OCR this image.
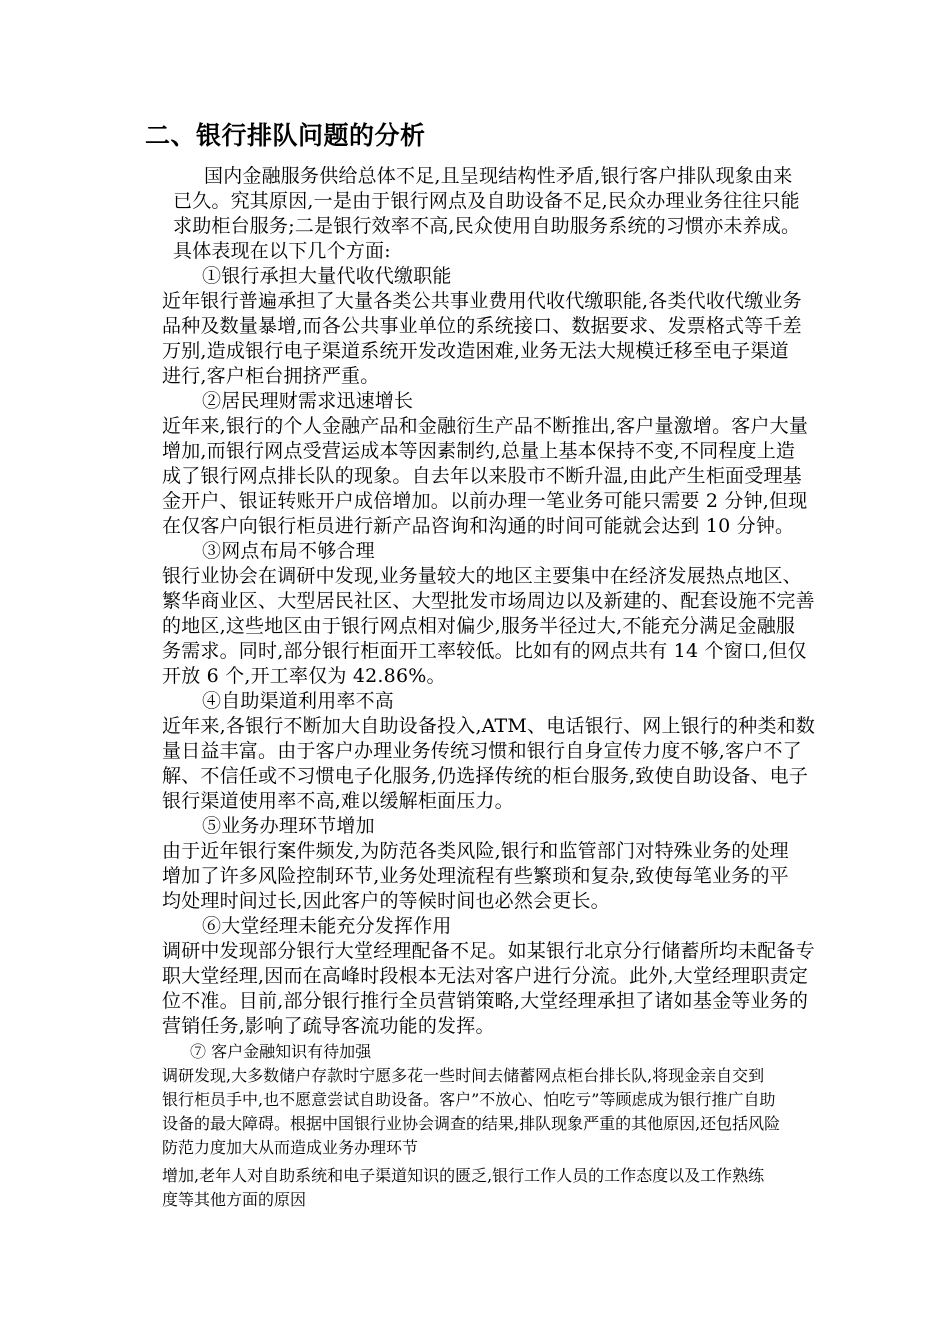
二、银行排队问题的分析
国内金融服务供给总体不足,且呈现结构性矛盾,银行客户排队现象由来
已久。究其原因,一是由于银行网点及自助设备不足,民众办理业务往往只能
求助柜台服务;二是银行效率不高,民众使用自助服务系统的习惯亦未养成。
具体表现在以下几个方面:
①银行承担大量代收代缴职能
近年银行普遍承担了大量各类公共事业费用代收代缴职能,各类代收代缴业务
品种及数量暴增,而各公共事业单位的系统接口、数据要求、发票格式等千差
万别,造成银行电子渠道系统开发改造困难,业务无法大规模迁移至电子渠道
进行,客户柜台拥挤严重。
②居民理财需求迅速增长
近年来,银行的个人金融产品和金融衍生产品不断推出,客户量激增。客户大量
增加,而银行网点受营运成本等因素制约,总量上基本保持不变,不同程度上造
成了银行网点排长队的现象。自去年以来股市不断升温,由此产生柜面受理基
金开户、银证转账开户成倍增加。以前办理一笔业务可能只需要 2 分钟,但现
在仅客户向银行柜员进行新产品咨询和沟通的时间可能就会达到 10 分钟。
③网点布局不够合理
银行业协会在调研中发现,业务量较大的地区主要集中在经济发展热点地区、
繁华商业区、大型居民社区、大型批发市场周边以及新建的、配套设施不完善
的地区,这些地区由于银行网点相对偏少,服务半径过大,不能充分满足金融服
务需求。同时,部分银行柜面开工率较低。比如有的网点共有 14 个窗口,但仅
开放 6 个,开工率仅为 42.86%。
④自助渠道利用率不高
近年来,各银行不断加大自助设备投入,ATM、电话银行、网上银行的种类和数
量日益丰富。由于客户办理业务传统习惯和银行自身宣传力度不够,客户不了
解、不信任或不习惯电子化服务,仍选择传统的柜台服务,致使自助设备、电子
银行渠道使用率不高,难以缓解柜面压力。
⑤业务办理环节增加
由于近年银行案件频发,为防范各类风险,银行和监管部门对特殊业务的处理
增加了许多风险控制环节,业务处理流程有些繁琐和复杂,致使每笔业务的平
均处理时间过长,因此客户的等候时间也必然会更长。
⑥大堂经理未能充分发挥作用
调研中发现部分银行大堂经理配备不足。如某银行北京分行储蓄所均未配备专
职大堂经理,因而在高峰时段根本无法对客户进行分流。此外,大堂经理职责定
位不准。目前,部分银行推行全员营销策略,大堂经理承担了诸如基金等业务的
营销任务,影响了疏导客流功能的发挥。
⑦ 客户金融知识有待加强
调研发现,大多数储户存款时宁愿多花一些时间去储蓄网点柜台排长队,将现金亲自交到
银行柜员手中,也不愿意尝试自助设备。客户”不放心、怕吃亏”等顾虑成为银行推广自助
设备的最大障碍。根据中国银行业协会调查的结果,排队现象严重的其他原因,还包括风险
防范力度加大从而造成业务办理环节
增加,老年人对自助系统和电子渠道知识的匮乏,银行工作人员的工作态度以及工作熟练
度等其他方面的原因
